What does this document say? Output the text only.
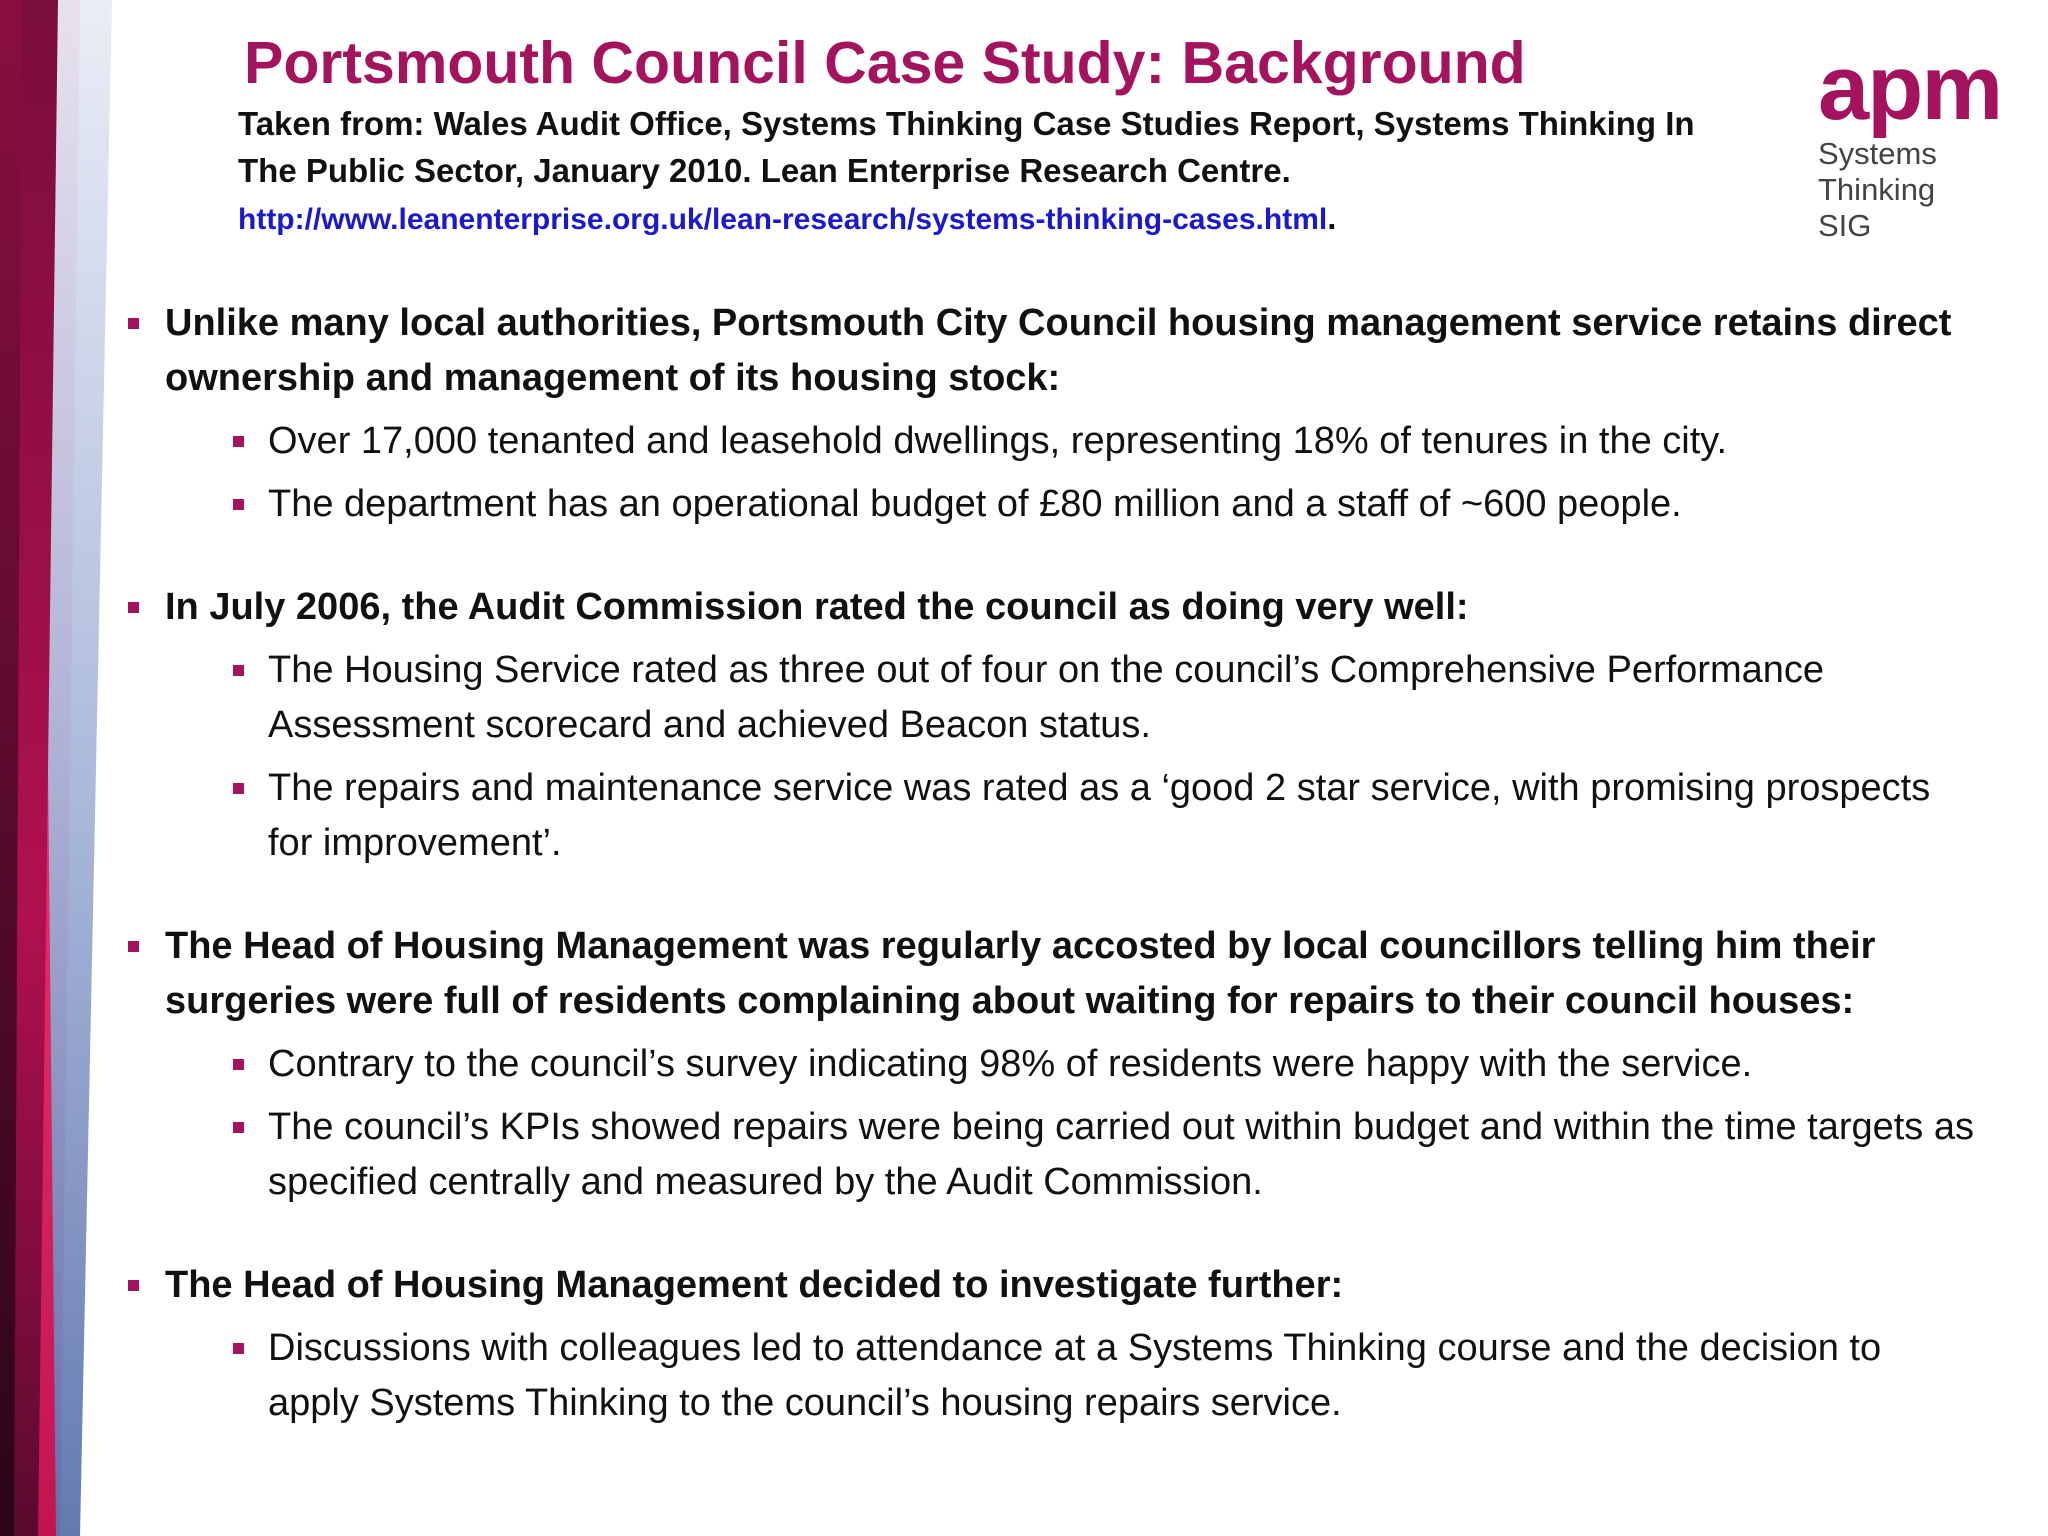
Portsmouth Council Case Study: Background
Taken from: Wales Audit Office, Systems Thinking Case Studies Report, Systems Thinking In The Public Sector, January 2010. Lean Enterprise Research Centre.
http://www.leanenterprise.org.uk/lean-research/systems-thinking-cases.html.
apm
Systems
Thinking
SIG
Unlike many local authorities, Portsmouth City Council housing management service retains direct ownership and management of its housing stock:
Over 17,000 tenanted and leasehold dwellings, representing 18% of tenures in the city.
The department has an operational budget of £80 million and a staff of ~600 people.
In July 2006, the Audit Commission rated the council as doing very well:
The Housing Service rated as three out of four on the council’s Comprehensive Performance Assessment scorecard and achieved Beacon status.
The repairs and maintenance service was rated as a ‘good 2 star service, with promising prospects for improvement’.
The Head of Housing Management was regularly accosted by local councillors telling him their surgeries were full of residents complaining about waiting for repairs to their council houses:
Contrary to the council’s survey indicating 98% of residents were happy with the service.
The council’s KPIs showed repairs were being carried out within budget and within the time targets as specified centrally and measured by the Audit Commission.
The Head of Housing Management decided to investigate further:
Discussions with colleagues led to attendance at a Systems Thinking course and the decision to apply Systems Thinking to the council’s housing repairs service.
